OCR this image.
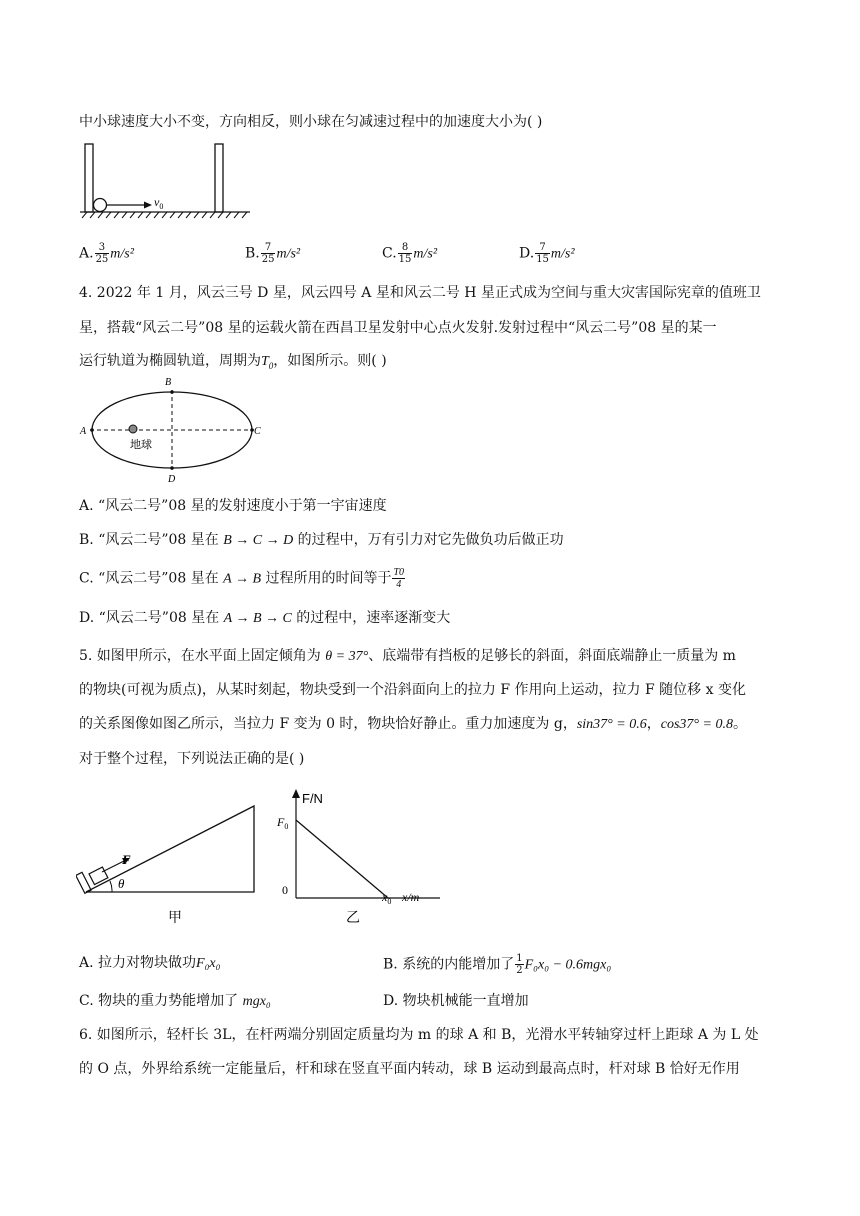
中小球速度大小不变，方向相反，则小球在匀减速过程中的加速度大小为( )
$v_0$
A. $\frac{3}{25} m/s^2$	B. $\frac{7}{25} m/s^2$	C. $\frac{8}{15} m/s^2$	D. $\frac{7}{15} m/s^2$
4. 2022 年 1 月，风云三号 D 星，风云四号 A 星和风云二号 H 星正式成为空间与重大灾害国际宪章的值班卫
星，搭载“风云二号”08 星的运载火箭在西昌卫星发射中心点火发射.发射过程中“风云二号”08 星的某一
运行轨道为椭圆轨道，周期为$T_0$，如图所示。则( )
A
B
C
D
地球
A. “风云二号”08 星的发射速度小于第一宇宙速度
B. “风云二号”08 星在 B → C → D 的过程中，万有引力对它先做负功后做正功
C. “风云二号”08 星在 A → B 过程所用的时间等于 $\frac{T0}{4}$
D. “风云二号”08 星在 A → B → C 的过程中，速率逐渐变大
5. 如图甲所示，在水平面上固定倾角为 θ = 37°、底端带有挡板的足够长的斜面，斜面底端静止一质量为 m
的物块(可视为质点)，从某时刻起，物块受到一个沿斜面向上的拉力 F 作用向上运动，拉力 F 随位移 x 变化
的关系图像如图乙所示，当拉力 F 变为 0 时，物块恰好静止。重力加速度为 g，sin37° = 0.6，cos37° = 0.8。
对于整个过程，下列说法正确的是( )
F
θ
甲
F/N
$F_0$
0	$x_0$ x/m
乙
A. 拉力对物块做功F₀x₀	B. 系统的内能增加了 $\frac{1}{2} F_0x_0 - 0.6mgx_0$
C. 物块的重力势能增加了 mgx₀	D. 物块机械能一直增加
6. 如图所示，轻杆长 3L，在杆两端分别固定质量均为 m 的球 A 和 B，光滑水平转轴穿过杆上距球 A 为 L 处
的 O 点，外界给系统一定能量后，杆和球在竖直平面内转动，球 B 运动到最高点时，杆对球 B 恰好无作用
